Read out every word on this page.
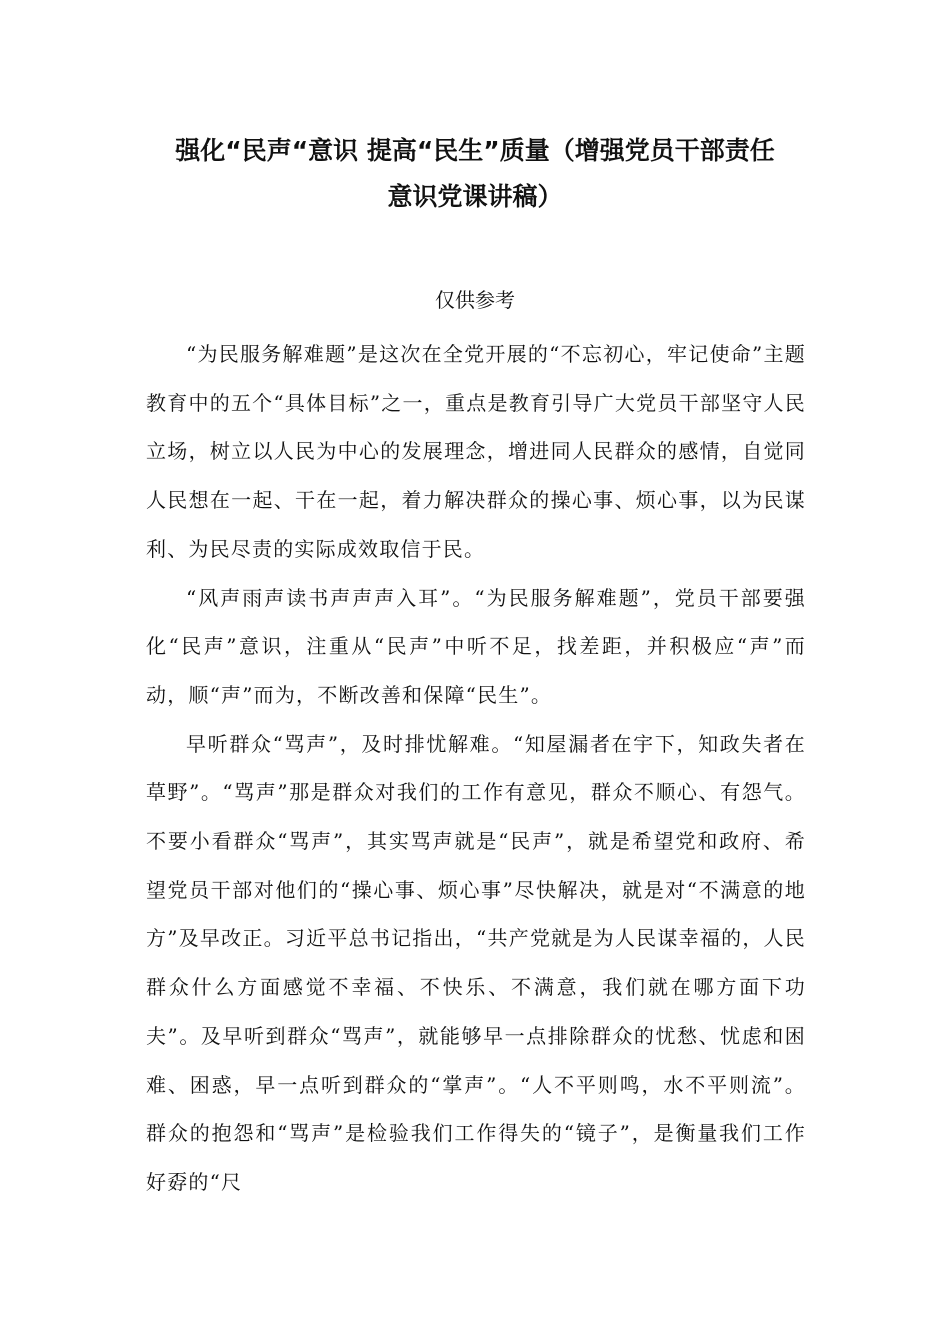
强化“民声“意识 提高“民生”质量（增强党员干部责任
意识党课讲稿）
仅供参考

“为民服务解难题”是这次在全党开展的“不忘初心，牢记使命”主题教育中的五个“具体目标”之一，重点是教育引导广大党员干部坚守人民立场，树立以人民为中心的发展理念，增进同人民群众的感情，自觉同人民想在一起、干在一起，着力解决群众的操心事、烦心事，以为民谋利、为民尽责的实际成效取信于民。

“风声雨声读书声声声入耳”。“为民服务解难题”，党员干部要强化“民声”意识，注重从“民声”中听不足，找差距，并积极应“声”而动，顺“声”而为，不断改善和保障“民生”。

早听群众“骂声”，及时排忧解难。“知屋漏者在宇下，知政失者在草野”。“骂声”那是群众对我们的工作有意见，群众不顺心、有怨气。不要小看群众“骂声”，其实骂声就是“民声”，就是希望党和政府、希望党员干部对他们的“操心事、烦心事”尽快解决，就是对“不满意的地方”及早改正。习近平总书记指出，“共产党就是为人民谋幸福的，人民群众什么方面感觉不幸福、不快乐、不满意，我们就在哪方面下功夫”。及早听到群众“骂声”，就能够早一点排除群众的忧愁、忧虑和困难、困惑，早一点听到群众的“掌声”。“人不平则鸣，水不平则流”。群众的抱怨和“骂声”是检验我们工作得失的“镜子”，是衡量我们工作好孬的“尺
